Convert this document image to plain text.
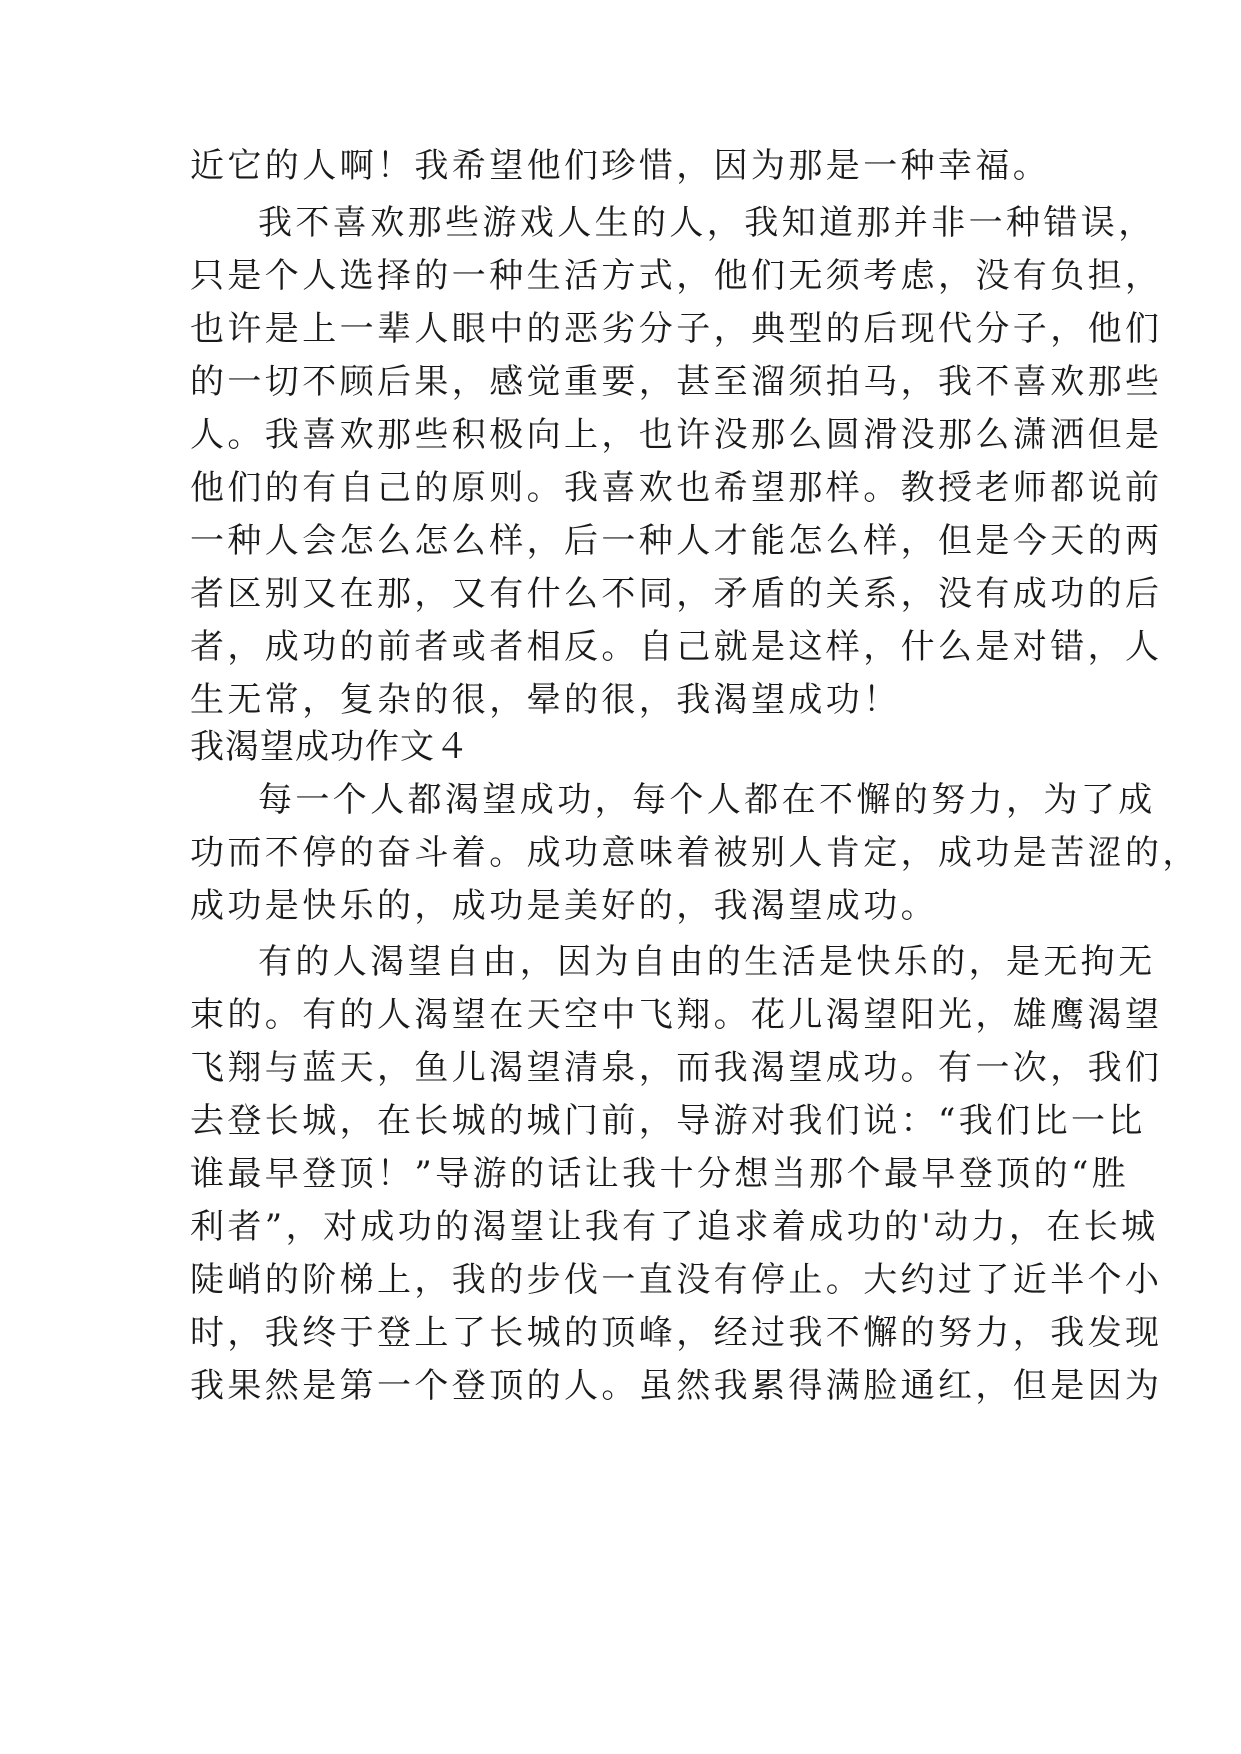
近它的人啊！我希望他们珍惜，因为那是一种幸福。
我不喜欢那些游戏人生的人，我知道那并非一种错误，
只是个人选择的一种生活方式，他们无须考虑，没有负担，
也许是上一辈人眼中的恶劣分子，典型的后现代分子，他们
的一切不顾后果，感觉重要，甚至溜须拍马，我不喜欢那些
人。我喜欢那些积极向上，也许没那么圆滑没那么潇洒但是
他们的有自己的原则。我喜欢也希望那样。教授老师都说前
一种人会怎么怎么样，后一种人才能怎么样，但是今天的两
者区别又在那，又有什么不同，矛盾的关系，没有成功的后
者，成功的前者或者相反。自己就是这样，什么是对错，人
生无常，复杂的很，晕的很，我渴望成功！
我渴望成功作文４
每一个人都渴望成功，每个人都在不懈的努力，为了成
功而不停的奋斗着。成功意味着被别人肯定，成功是苦涩的，
成功是快乐的，成功是美好的，我渴望成功。
有的人渴望自由，因为自由的生活是快乐的，是无拘无
束的。有的人渴望在天空中飞翔。花儿渴望阳光，雄鹰渴望
飞翔与蓝天，鱼儿渴望清泉，而我渴望成功。有一次，我们
去登长城，在长城的城门前，导游对我们说：“我们比一比
谁最早登顶！”导游的话让我十分想当那个最早登顶的“胜
利者”，对成功的渴望让我有了追求着成功的'动力，在长城
陡峭的阶梯上，我的步伐一直没有停止。大约过了近半个小
时，我终于登上了长城的顶峰，经过我不懈的努力，我发现
我果然是第一个登顶的人。虽然我累得满脸通红，但是因为
